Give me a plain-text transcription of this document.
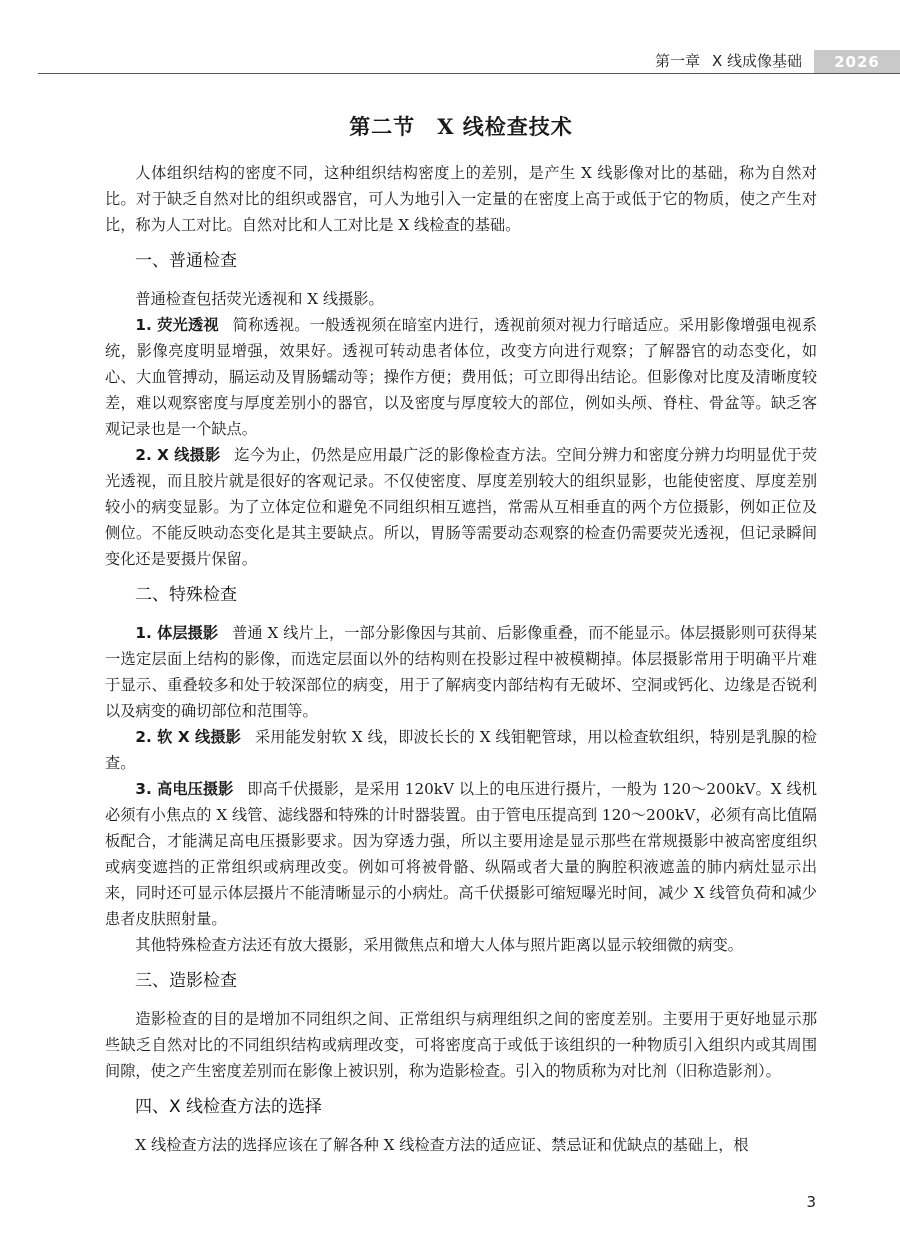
第一章 X 线成像基础	2026
第二节 X 线检查技术

人体组织结构的密度不同，这种组织结构密度上的差别，是产生 X 线影像对比的基础，称为自然对比。对于缺乏自然对比的组织或器官，可人为地引入一定量的在密度上高于或低于它的物质，使之产生对比，称为人工对比。自然对比和人工对比是 X 线检查的基础。

一、普通检查

普通检查包括荧光透视和 X 线摄影。

1. 荧光透视 简称透视。一般透视须在暗室内进行，透视前须对视力行暗适应。采用影像增强电视系统，影像亮度明显增强，效果好。透视可转动患者体位，改变方向进行观察；了解器官的动态变化，如心、大血管搏动，膈运动及胃肠蠕动等；操作方便；费用低；可立即得出结论。但影像对比度及清晰度较差，难以观察密度与厚度差别小的器官，以及密度与厚度较大的部位，例如头颅、脊柱、骨盆等。缺乏客观记录也是一个缺点。

2. X 线摄影 迄今为止，仍然是应用最广泛的影像检查方法。空间分辨力和密度分辨力均明显优于荧光透视，而且胶片就是很好的客观记录。不仅使密度、厚度差别较大的组织显影，也能使密度、厚度差别较小的病变显影。为了立体定位和避免不同组织相互遮挡，常需从互相垂直的两个方位摄影，例如正位及侧位。不能反映动态变化是其主要缺点。所以，胃肠等需要动态观察的检查仍需要荧光透视，但记录瞬间变化还是要摄片保留。

二、特殊检查

1. 体层摄影 普通 X 线片上，一部分影像因与其前、后影像重叠，而不能显示。体层摄影则可获得某一选定层面上结构的影像，而选定层面以外的结构则在投影过程中被模糊掉。体层摄影常用于明确平片难于显示、重叠较多和处于较深部位的病变，用于了解病变内部结构有无破坏、空洞或钙化、边缘是否锐利以及病变的确切部位和范围等。

2. 软 X 线摄影 采用能发射软 X 线，即波长长的 X 线钼靶管球，用以检查软组织，特别是乳腺的检查。

3. 高电压摄影 即高千伏摄影，是采用 120kV 以上的电压进行摄片，一般为 120～200kV。X 线机必须有小焦点的 X 线管、滤线器和特殊的计时器装置。由于管电压提高到 120～200kV，必须有高比值隔板配合，才能满足高电压摄影要求。因为穿透力强，所以主要用途是显示那些在常规摄影中被高密度组织或病变遮挡的正常组织或病理改变。例如可将被骨骼、纵隔或者大量的胸腔积液遮盖的肺内病灶显示出来，同时还可显示体层摄片不能清晰显示的小病灶。高千伏摄影可缩短曝光时间，减少 X 线管负荷和减少患者皮肤照射量。

其他特殊检查方法还有放大摄影，采用微焦点和增大人体与照片距离以显示较细微的病变。

三、造影检查

造影检查的目的是增加不同组织之间、正常组织与病理组织之间的密度差别。主要用于更好地显示那些缺乏自然对比的不同组织结构或病理改变，可将密度高于或低于该组织的一种物质引入组织内或其周围间隙，使之产生密度差别而在影像上被识别，称为造影检查。引入的物质称为对比剂（旧称造影剂）。

四、X 线检查方法的选择

X 线检查方法的选择应该在了解各种 X 线检查方法的适应证、禁忌证和优缺点的基础上，根

3
